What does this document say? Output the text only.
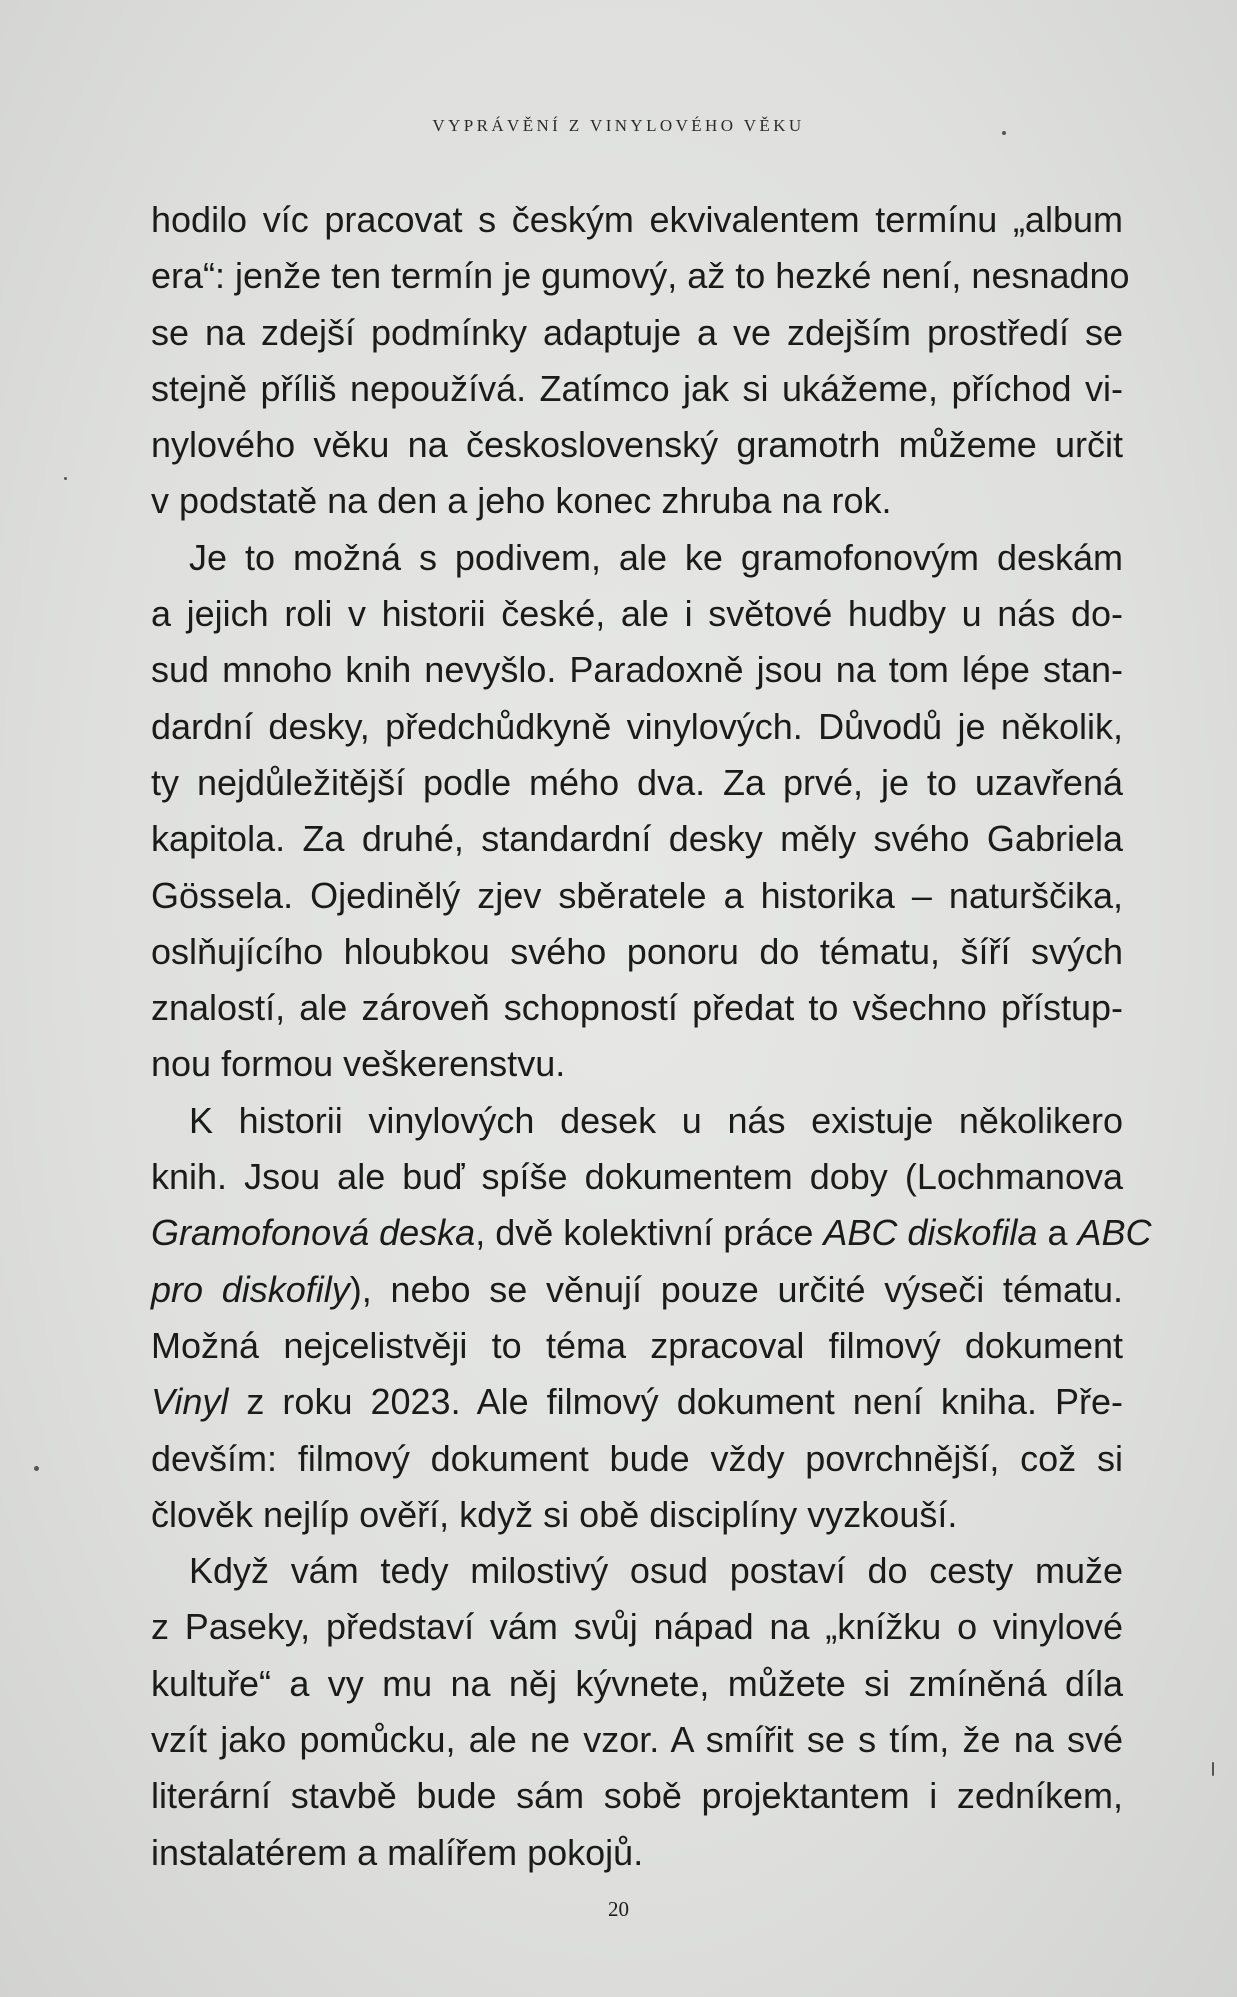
VYPRÁVĚNÍ Z VINYLOVÉHO VĚKU
hodilo víc pracovat s českým ekvivalentem termínu „album
era“: jenže ten termín je gumový, až to hezké není, nesnadno
se na zdejší podmínky adaptuje a ve zdejším prostředí se
stejně příliš nepoužívá. Zatímco jak si ukážeme, příchod vi-
nylového věku na československý gramotrh můžeme určit
v podstatě na den a jeho konec zhruba na rok.
Je to možná s podivem, ale ke gramofonovým deskám
a jejich roli v historii české, ale i světové hudby u nás do-
sud mnoho knih nevyšlo. Paradoxně jsou na tom lépe stan-
dardní desky, předchůdkyně vinylových. Důvodů je několik,
ty nejdůležitější podle mého dva. Za prvé, je to uzavřená
kapitola. Za druhé, standardní desky měly svého Gabriela
Gössela. Ojedinělý zjev sběratele a historika – naturščika,
oslňujícího hloubkou svého ponoru do tématu, šíří svých
znalostí, ale zároveň schopností předat to všechno přístup-
nou formou veškerenstvu.
K historii vinylových desek u nás existuje několikero
knih. Jsou ale buď spíše dokumentem doby (Lochmanova
Gramofonová deska, dvě kolektivní práce ABC diskofila a ABC
pro diskofily), nebo se věnují pouze určité výseči tématu.
Možná nejcelistvěji to téma zpracoval filmový dokument
Vinyl z roku 2023. Ale filmový dokument není kniha. Pře-
devším: filmový dokument bude vždy povrchnější, což si
člověk nejlíp ověří, když si obě disciplíny vyzkouší.
Když vám tedy milostivý osud postaví do cesty muže
z Paseky, představí vám svůj nápad na „knížku o vinylové
kultuře“ a vy mu na něj kývnete, můžete si zmíněná díla
vzít jako pomůcku, ale ne vzor. A smířit se s tím, že na své
literární stavbě bude sám sobě projektantem i zedníkem,
instalatérem a malířem pokojů.
20
